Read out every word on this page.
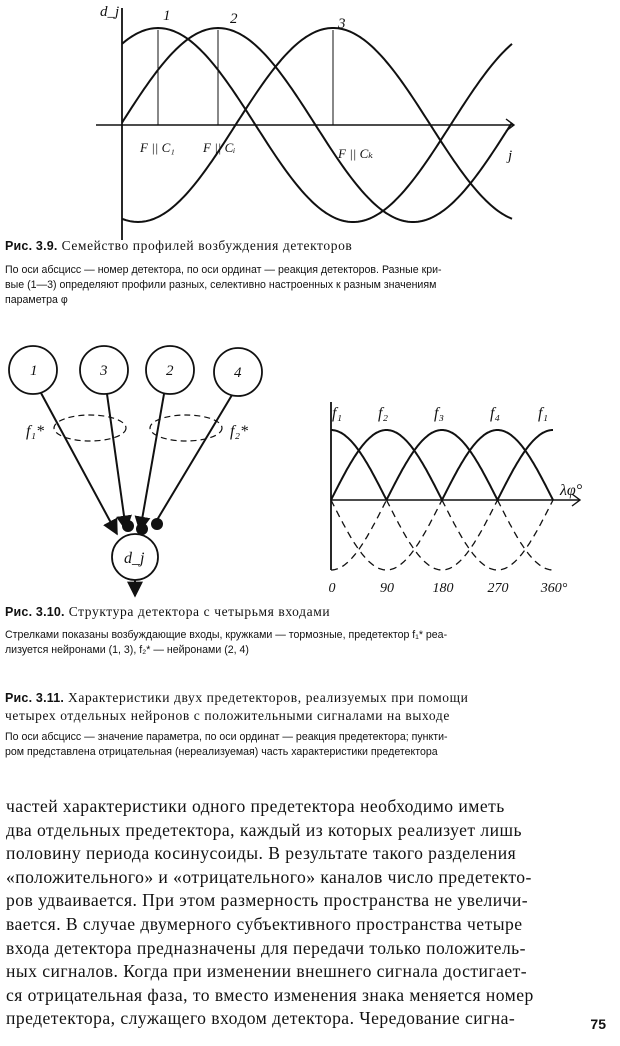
d_j
j
1	2	3
F || C₁ F || Cᵢ	F || Cₖ
Рис. 3.9. Семейство профилей возбуждения детекторов
По оси абсцисс — номер детектора, по оси ординат — реакция детекторов. Разные кри-
вые (1—3) определяют профили разных, селективно настроенных к разным значениям
параметра φ
1	3	2	4
f₁*	f₂*
d_j
f₁ f₂	f₃	f₄ f₁
λφ°
0	90	180 270 360°
Рис. 3.10. Структура детектора с четырьмя входами
Стрелками показаны возбуждающие входы, кружками — тормозные, предетектор f₁* реа-
лизуется нейронами (1, 3), f₂* — нейронами (2, 4)
Рис. 3.11. Характеристики двух предетекторов, реализуемых при помощи
четырех отдельных нейронов с положительными сигналами на выходе
По оси абсцисс — значение параметра, по оси ординат — реакция предетектора; пункти-
ром представлена отрицательная (нереализуемая) часть характеристики предетектора
частей характеристики одного предетектора необходимо иметь
два отдельных предетектора, каждый из которых реализует лишь
половину периода косинусоиды. В результате такого разделения
«положительного» и «отрицательного» каналов число предетекто-
ров удваивается. При этом размерность пространства не увеличи-
вается. В случае двумерного субъективного пространства четыре
входа детектора предназначены для передачи только положитель-
ных сигналов. Когда при изменении внешнего сигнала достигает-
ся отрицательная фаза, то вместо изменения знака меняется номер
предетектора, служащего входом детектора. Чередование сигна-	75
